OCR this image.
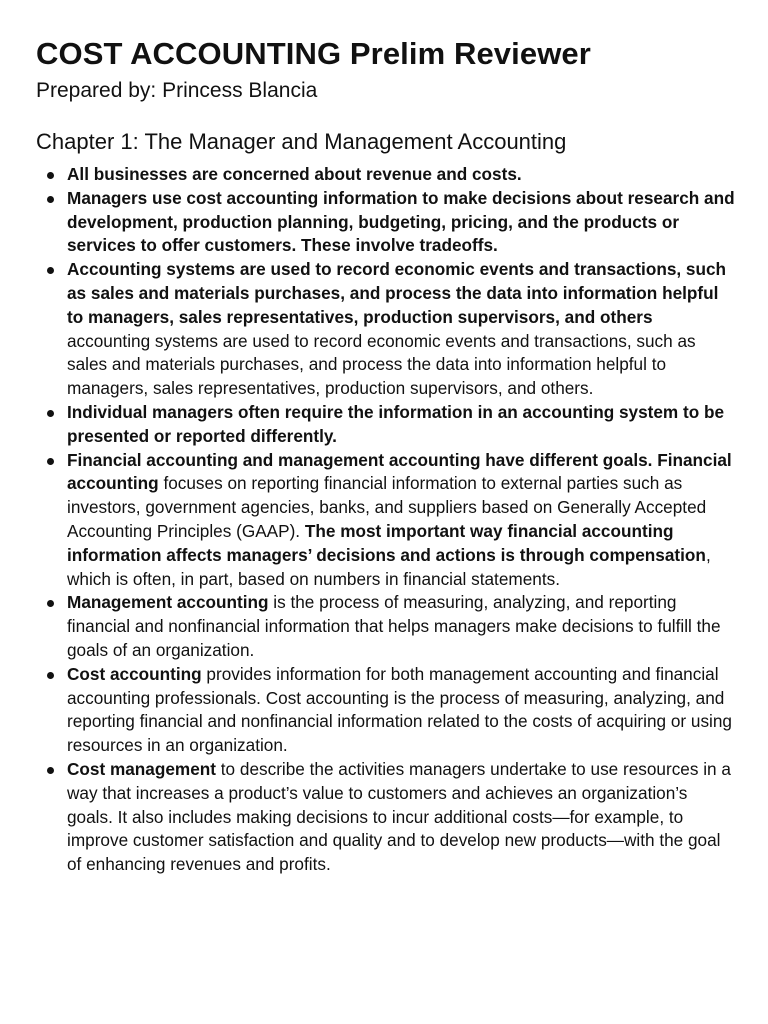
COST ACCOUNTING Prelim Reviewer

Prepared by: Princess Blancia

Chapter 1: The Manager and Management Accounting
All businesses are concerned about revenue and costs.
Managers use cost accounting information to make decisions about research and development, production planning, budgeting, pricing, and the products or services to offer customers. These involve tradeoffs.
Accounting systems are used to record economic events and transactions, such as sales and materials purchases, and process the data into information helpful to managers, sales representatives, production supervisors, and others accounting systems are used to record economic events and transactions, such as sales and materials purchases, and process the data into information helpful to managers, sales representatives, production supervisors, and others.
Individual managers often require the information in an accounting system to be presented or reported differently.
Financial accounting and management accounting have different goals. Financial accounting focuses on reporting financial information to external parties such as investors, government agencies, banks, and suppliers based on Generally Accepted Accounting Principles (GAAP). The most important way financial accounting information affects managers’ decisions and actions is through compensation, which is often, in part, based on numbers in financial statements.
Management accounting is the process of measuring, analyzing, and reporting financial and nonfinancial information that helps managers make decisions to fulfill the goals of an organization.
Cost accounting provides information for both management accounting and financial accounting professionals. Cost accounting is the process of measuring, analyzing, and reporting financial and nonfinancial information related to the costs of acquiring or using resources in an organization.
Cost management to describe the activities managers undertake to use resources in a way that increases a product’s value to customers and achieves an organization’s goals. It also includes making decisions to incur additional costs—for example, to improve customer satisfaction and quality and to develop new products—with the goal of enhancing revenues and profits.
